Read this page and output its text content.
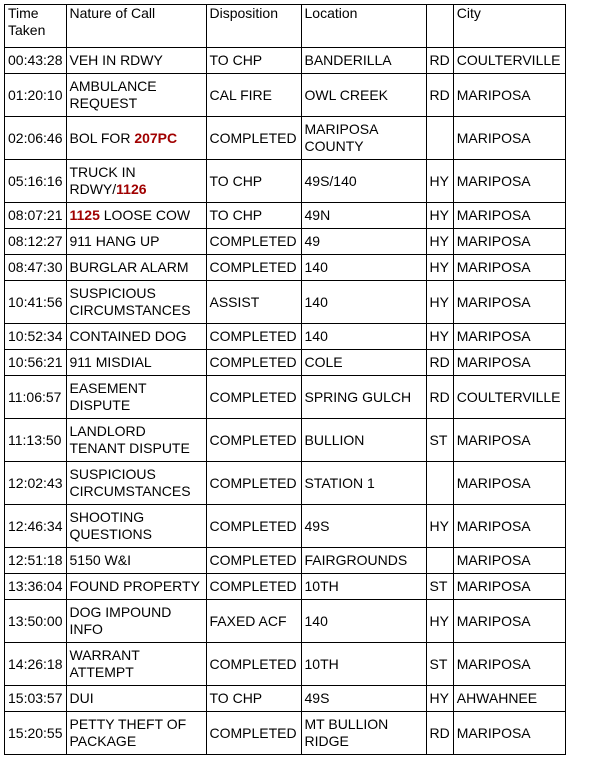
Time Taken	Nature of Call	Disposition	Location		City
00:43:28	VEH IN RDWY	TO CHP	BANDERILLA	RD	COULTERVILLE
01:20:10	AMBULANCE REQUEST	CAL FIRE	OWL CREEK	RD	MARIPOSA
02:06:46	BOL FOR 207PC	COMPLETED	MARIPOSA COUNTY		MARIPOSA
05:16:16	TRUCK IN RDWY/1126	TO CHP	49S/140	HY	MARIPOSA
08:07:21	1125 LOOSE COW	TO CHP	49N	HY	MARIPOSA
08:12:27	911 HANG UP	COMPLETED	49	HY	MARIPOSA
08:47:30	BURGLAR ALARM	COMPLETED	140	HY	MARIPOSA
10:41:56	SUSPICIOUS CIRCUMSTANCES	ASSIST	140	HY	MARIPOSA
10:52:34	CONTAINED DOG	COMPLETED	140	HY	MARIPOSA
10:56:21	911 MISDIAL	COMPLETED	COLE	RD	MARIPOSA
11:06:57	EASEMENT DISPUTE	COMPLETED	SPRING GULCH	RD	COULTERVILLE
11:13:50	LANDLORD TENANT DISPUTE	COMPLETED	BULLION	ST	MARIPOSA
12:02:43	SUSPICIOUS CIRCUMSTANCES	COMPLETED	STATION 1		MARIPOSA
12:46:34	SHOOTING QUESTIONS	COMPLETED	49S	HY	MARIPOSA
12:51:18	5150 W&I	COMPLETED	FAIRGROUNDS		MARIPOSA
13:36:04	FOUND PROPERTY	COMPLETED	10TH	ST	MARIPOSA
13:50:00	DOG IMPOUND INFO	FAXED ACF	140	HY	MARIPOSA
14:26:18	WARRANT ATTEMPT	COMPLETED	10TH	ST	MARIPOSA
15:03:57	DUI	TO CHP	49S	HY	AHWAHNEE
15:20:55	PETTY THEFT OF PACKAGE	COMPLETED	MT BULLION RIDGE	RD	MARIPOSA
